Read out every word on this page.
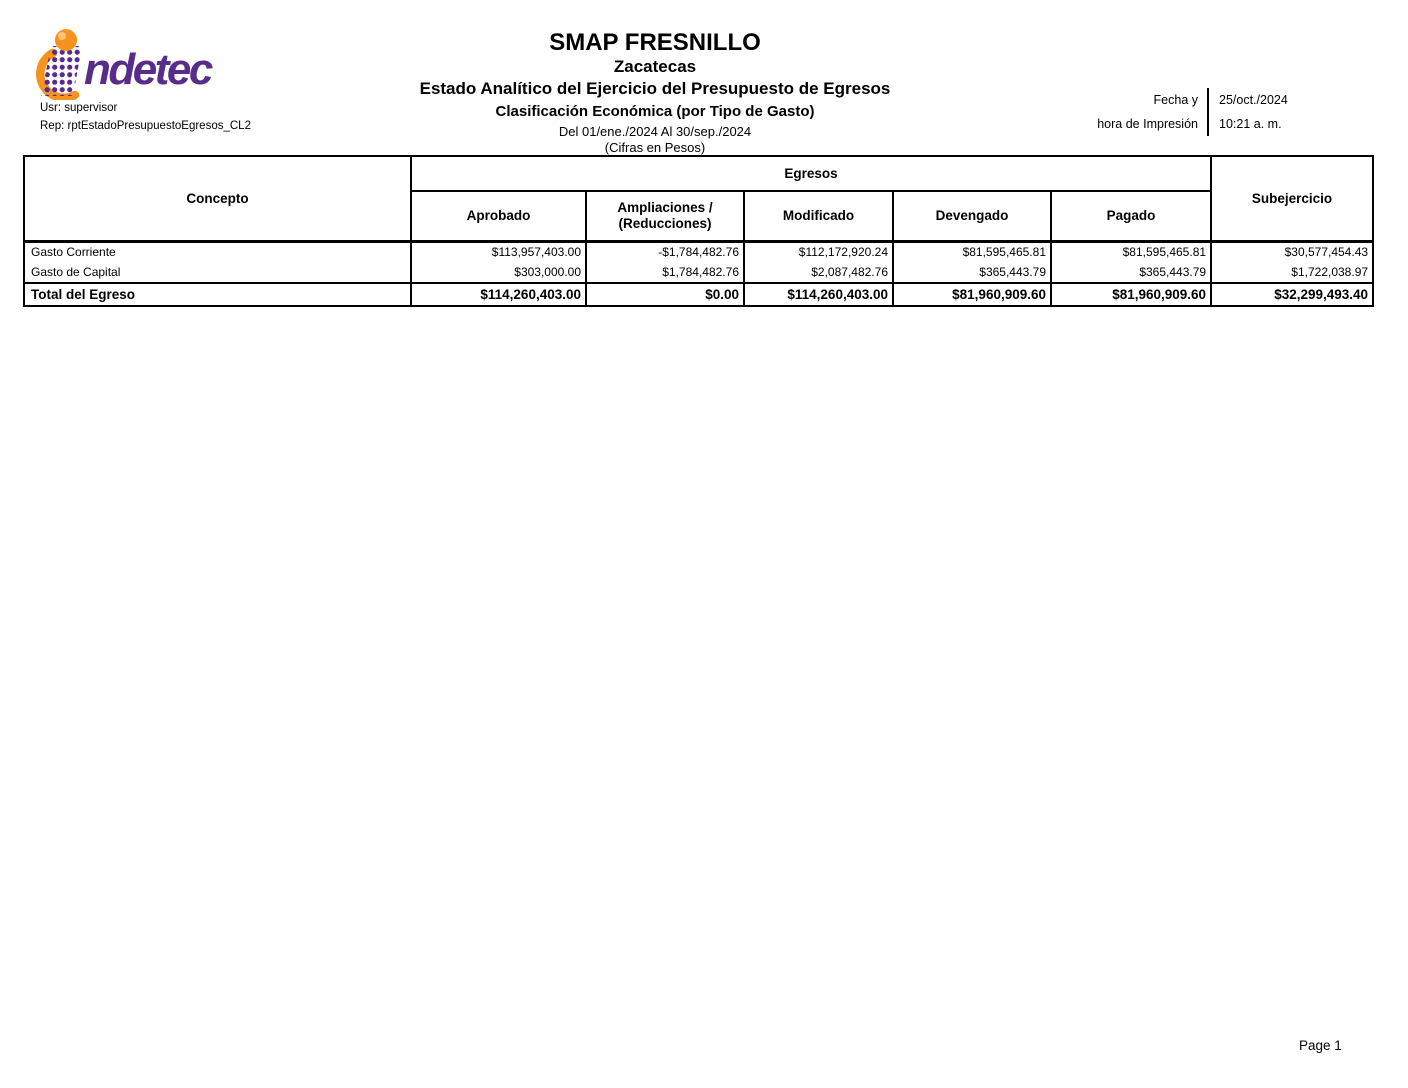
ndetec
Usr: supervisor
Rep: rptEstadoPresupuestoEgresos_CL2
SMAP FRESNILLO
Zacatecas
Estado Analítico del Ejercicio del Presupuesto de Egresos
Clasificación Económica (por Tipo de Gasto)
Del 01/ene./2024 Al 30/sep./2024
(Cifras en Pesos)
Fecha y
hora de Impresión
25/oct./2024
10:21 a. m.
Concepto	Egresos					Subejercicio
	Aprobado	Ampliaciones / (Reducciones)	Modificado	Devengado	Pagado	
Gasto Corriente	$113,957,403.00	-$1,784,482.76	$112,172,920.24	$81,595,465.81	$81,595,465.81	$30,577,454.43
Gasto de Capital	$303,000.00	$1,784,482.76	$2,087,482.76	$365,443.79	$365,443.79	$1,722,038.97
Total del Egreso	$114,260,403.00	$0.00	$114,260,403.00	$81,960,909.60	$81,960,909.60	$32,299,493.40
Page 1
